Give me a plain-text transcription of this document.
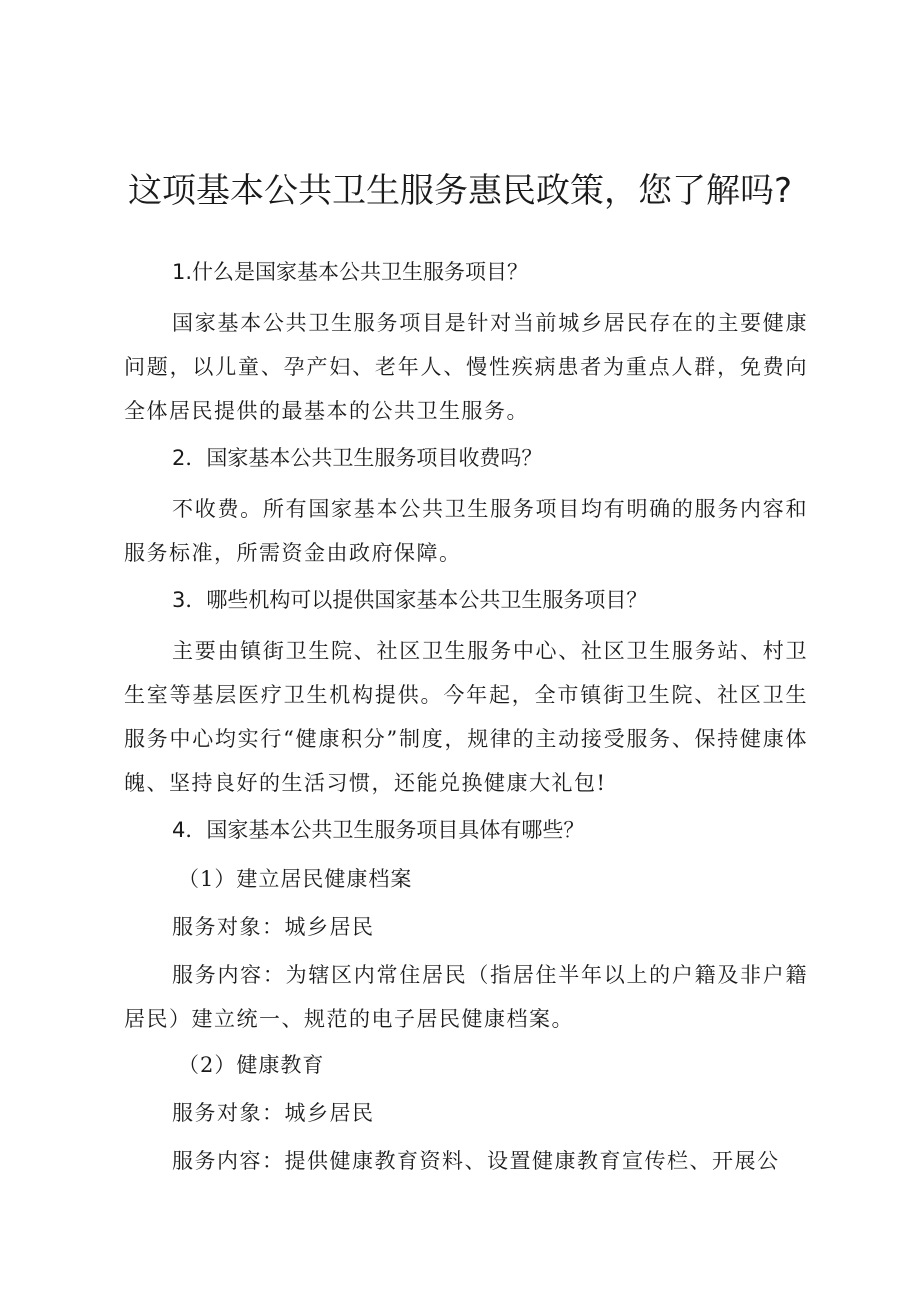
这项基本公共卫生服务惠民政策，您了解吗?

1.什么是国家基本公共卫生服务项目？

国家基本公共卫生服务项目是针对当前城乡居民存在的主要健康问题，以儿童、孕产妇、老年人、慢性疾病患者为重点人群，免费向全体居民提供的最基本的公共卫生服务。

2．国家基本公共卫生服务项目收费吗？

不收费。所有国家基本公共卫生服务项目均有明确的服务内容和服务标准，所需资金由政府保障。

3．哪些机构可以提供国家基本公共卫生服务项目？

主要由镇街卫生院、社区卫生服务中心、社区卫生服务站、村卫生室等基层医疗卫生机构提供。今年起，全市镇街卫生院、社区卫生服务中心均实行“健康积分”制度，规律的主动接受服务、保持健康体魄、坚持良好的生活习惯，还能兑换健康大礼包!

4．国家基本公共卫生服务项目具体有哪些？

（1）建立居民健康档案

服务对象：城乡居民

服务内容：为辖区内常住居民（指居住半年以上的户籍及非户籍居民）建立统一、规范的电子居民健康档案。

（2）健康教育

服务对象：城乡居民

服务内容：提供健康教育资料、设置健康教育宣传栏、开展公
